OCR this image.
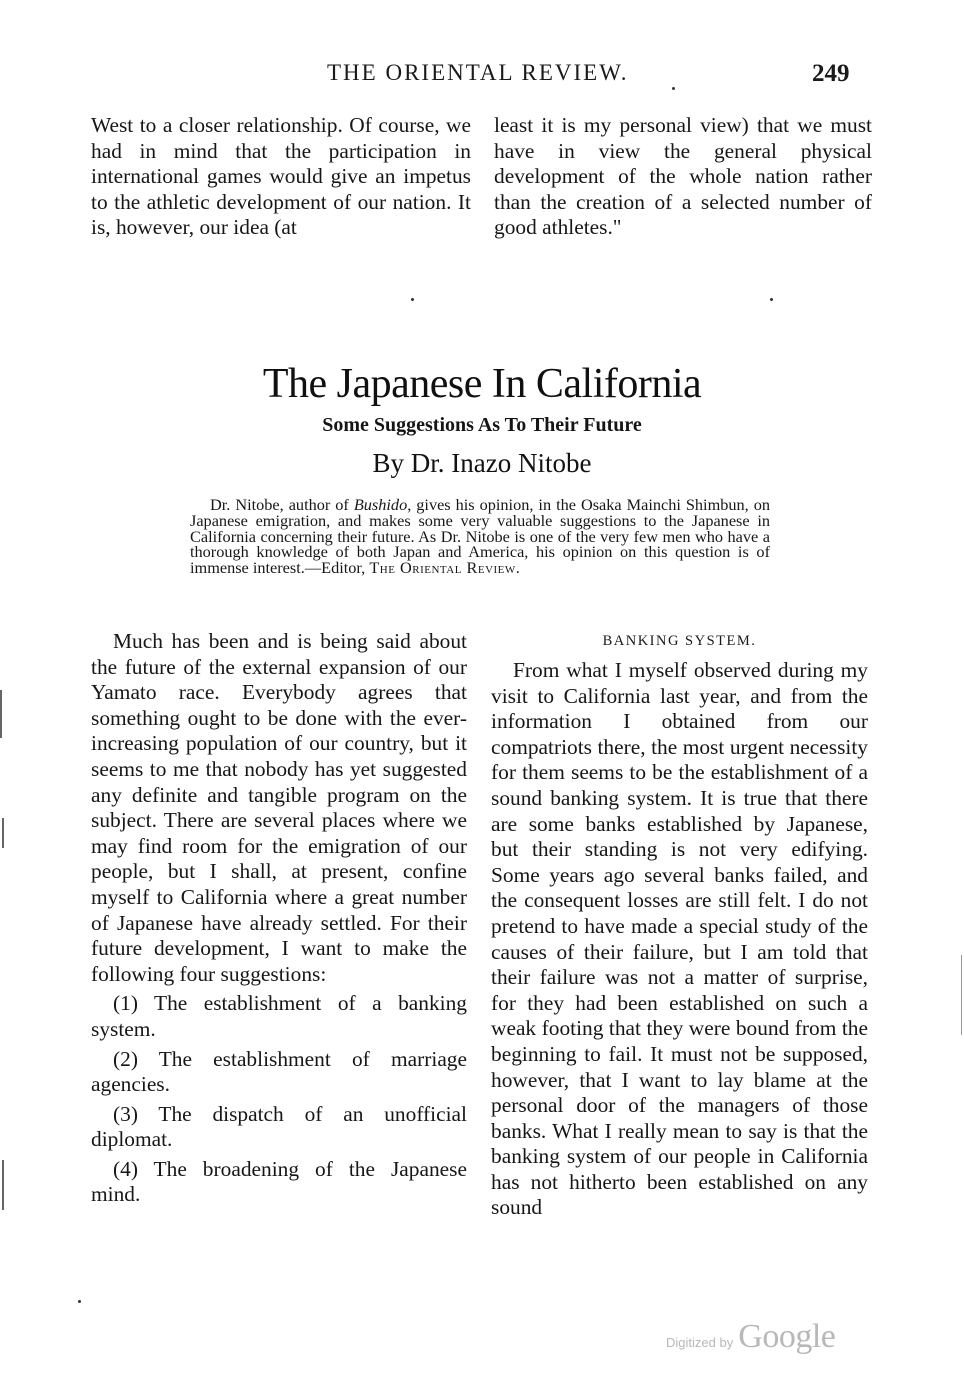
THE ORIENTAL REVIEW.	249

West to a closer relationship. Of course, we had in mind that the participation in international games would give an impetus to the athletic development of our nation. It is, however, our idea (at

least it is my personal view) that we must have in view the general physical development of the whole nation rather than the creation of a selected number of good athletes."

The Japanese In California
Some Suggestions As To Their Future
By Dr. Inazo Nitobe
Dr. Nitobe, author of Bushido, gives his opinion, in the Osaka Mainchi Shimbun, on Japanese emigration, and makes some very valuable suggestions to the Japanese in California concerning their future. As Dr. Nitobe is one of the very few men who have a thorough knowledge of both Japan and America, his opinion on this question is of immense interest.—Editor, The Oriental Review.

Much has been and is being said about the future of the external expansion of our Yamato race. Everybody agrees that something ought to be done with the ever-increasing population of our country, but it seems to me that nobody has yet suggested any definite and tangible program on the subject. There are several places where we may find room for the emigration of our people, but I shall, at present, confine myself to California where a great number of Japanese have already settled. For their future development, I want to make the following four suggestions:

(1) The establishment of a banking system.

(2) The establishment of marriage agencies.

(3) The dispatch of an unofficial diplomat.

(4) The broadening of the Japanese mind.

BANKING SYSTEM.

From what I myself observed during my visit to California last year, and from the information I obtained from our compatriots there, the most urgent necessity for them seems to be the establishment of a sound banking system. It is true that there are some banks established by Japanese, but their standing is not very edifying. Some years ago several banks failed, and the consequent losses are still felt. I do not pretend to have made a special study of the causes of their failure, but I am told that their failure was not a matter of surprise, for they had been established on such a weak footing that they were bound from the beginning to fail. It must not be supposed, however, that I want to lay blame at the personal door of the managers of those banks. What I really mean to say is that the banking system of our people in California has not hitherto been established on any sound

Digitized by Google
